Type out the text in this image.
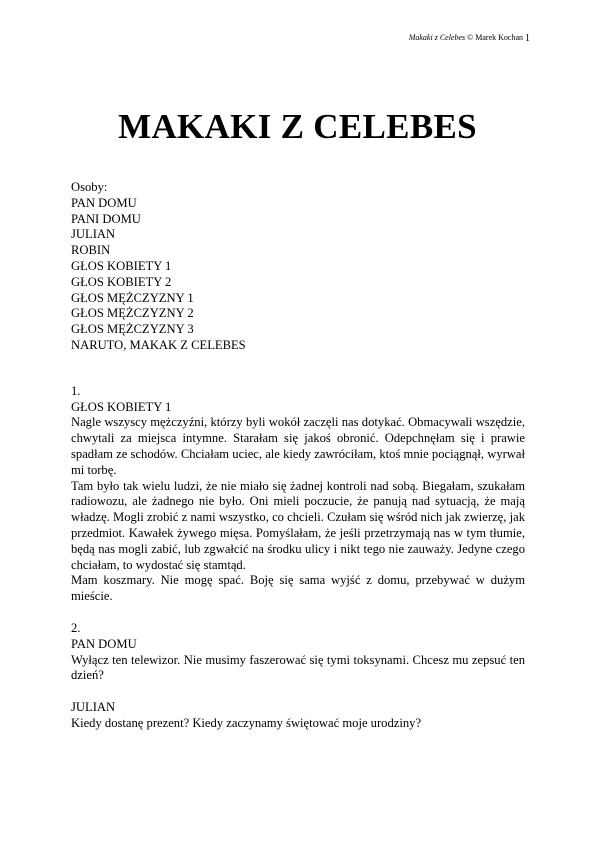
Makaki z Celebes © Marek Kochan 1
MAKAKI Z CELEBES
Osoby:
PAN DOMU
PANI DOMU
JULIAN
ROBIN
GŁOS KOBIETY 1
GŁOS KOBIETY 2
GŁOS MĘŻCZYZNY 1
GŁOS MĘŻCZYZNY 2
GŁOS MĘŻCZYZNY 3
NARUTO, MAKAK Z CELEBES
1.
GŁOS KOBIETY 1

Nagle wszyscy mężczyźni, którzy byli wokół zaczęli nas dotykać. Obmacywali wszędzie, chwytali za miejsca intymne. Starałam się jakoś obronić. Odepchnęłam się i prawie spadłam ze schodów. Chciałam uciec, ale kiedy zawróciłam, ktoś mnie pociągnął, wyrwał mi torbę.

Tam było tak wielu ludzi, że nie miało się żadnej kontroli nad sobą. Biegałam, szukałam radiowozu, ale żadnego nie było. Oni mieli poczucie, że panują nad sytuacją, że mają władzę. Mogli zrobić z nami wszystko, co chcieli. Czułam się wśród nich jak zwierzę, jak przedmiot. Kawałek żywego mięsa. Pomyślałam, że jeśli przetrzymają nas w tym tłumie, będą nas mogli zabić, lub zgwałcić na środku ulicy i nikt tego nie zauważy. Jedyne czego chciałam, to wydostać się stamtąd.

Mam koszmary. Nie mogę spać. Boję się sama wyjść z domu, przebywać w dużym mieście.

2.
PAN DOMU

Wyłącz ten telewizor. Nie musimy faszerować się tymi toksynami. Chcesz mu zepsuć ten dzień?

JULIAN

Kiedy dostanę prezent? Kiedy zaczynamy świętować moje urodziny?
